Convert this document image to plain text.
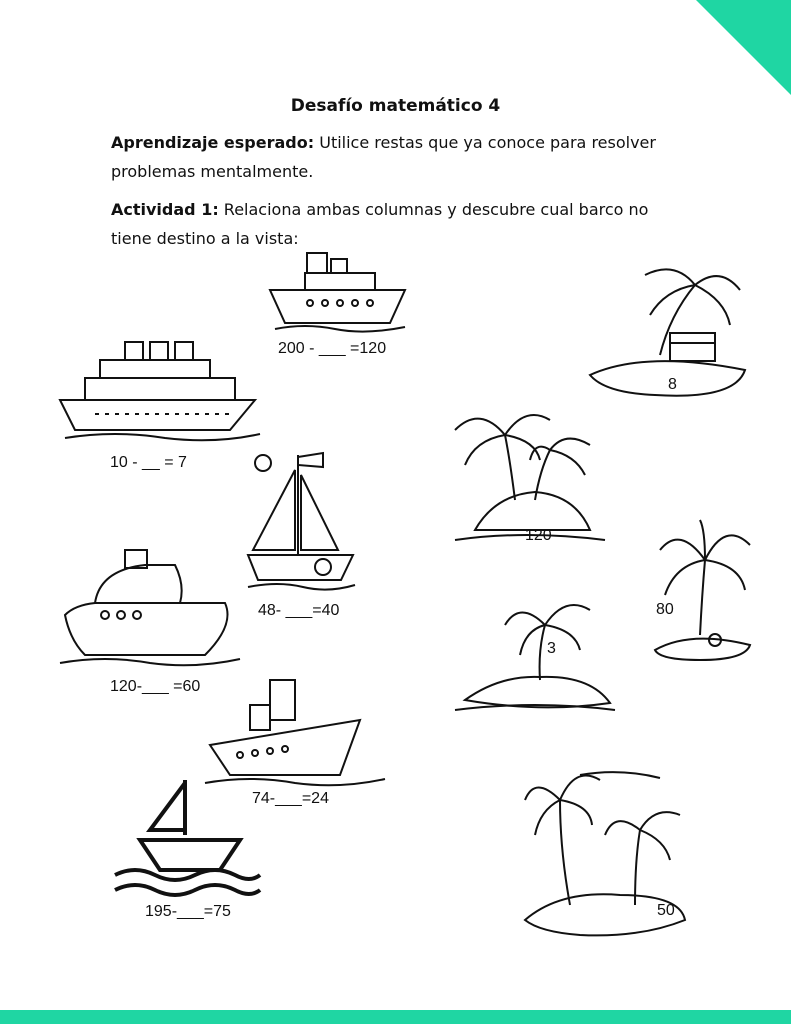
Desafío matemático 4
Aprendizaje esperado: Utilice restas que ya conoce para resolver problemas mentalmente.
Actividad 1: Relaciona ambas columnas y descubre cual barco no tiene destino a la vista:
200 - ___ =120
10 - __ = 7
48- ___=40
120-___ =60
74-___=24
195-___=75
8
120
80
3
50
